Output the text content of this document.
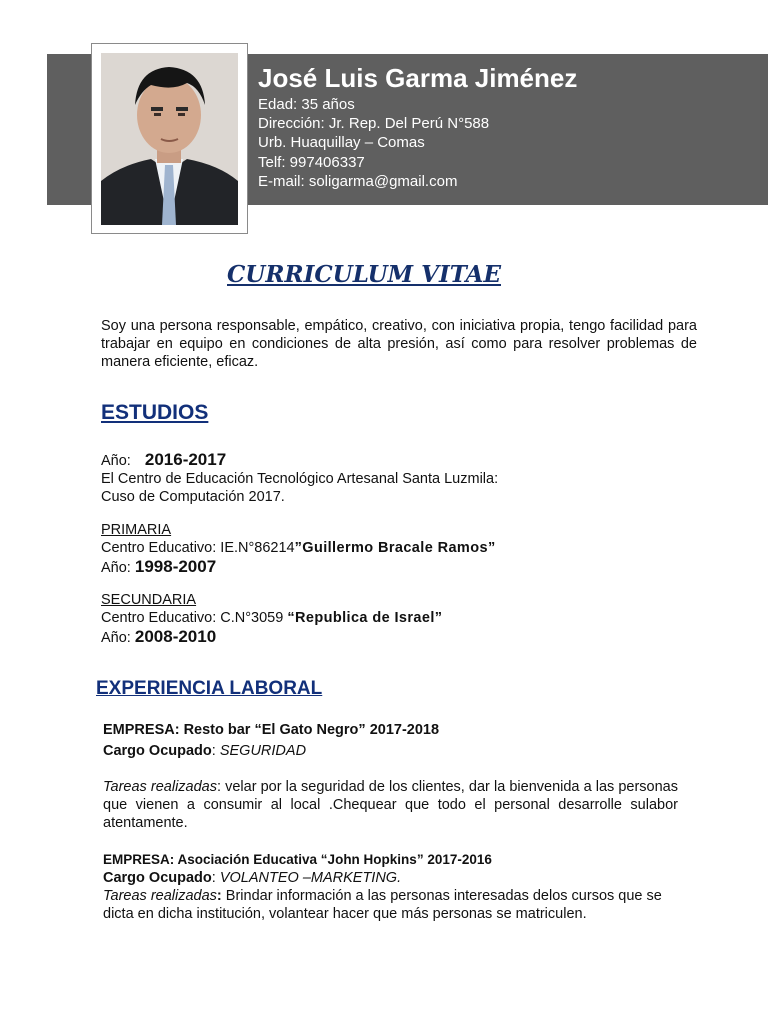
José Luis Garma Jiménez
Edad: 35 años
Dirección: Jr. Rep. Del Perú N°588
Urb. Huaquillay – Comas
Telf: 997406337
E-mail: soligarma@gmail.com
CURRICULUM VITAE
Soy una persona responsable, empático, creativo, con iniciativa propia, tengo facilidad para trabajar en equipo en condiciones de alta presión, así como para resolver problemas de manera eficiente, eficaz.
ESTUDIOS
Año: 2016-2017
El Centro de Educación Tecnológico Artesanal Santa Luzmila:
Cuso de Computación 2017.
PRIMARIA
Centro Educativo: IE.N°86214”Guillermo Bracale Ramos”
Año: 1998-2007
SECUNDARIA
Centro Educativo: C.N°3059 “Republica de Israel”
Año: 2008-2010
EXPERIENCIA LABORAL
EMPRESA: Resto bar “El Gato Negro” 2017-2018
Cargo Ocupado: SEGURIDAD
Tareas realizadas: velar por la seguridad de los clientes, dar la bienvenida a las personas que vienen a consumir al local .Chequear que todo el personal desarrolle sulabor atentamente.
EMPRESA: Asociación Educativa “John Hopkins” 2017-2016
Cargo Ocupado: VOLANTEO –MARKETING.
Tareas realizadas: Brindar información a las personas interesadas delos cursos que se dicta en dicha institución, volantear hacer que más personas se matriculen.
